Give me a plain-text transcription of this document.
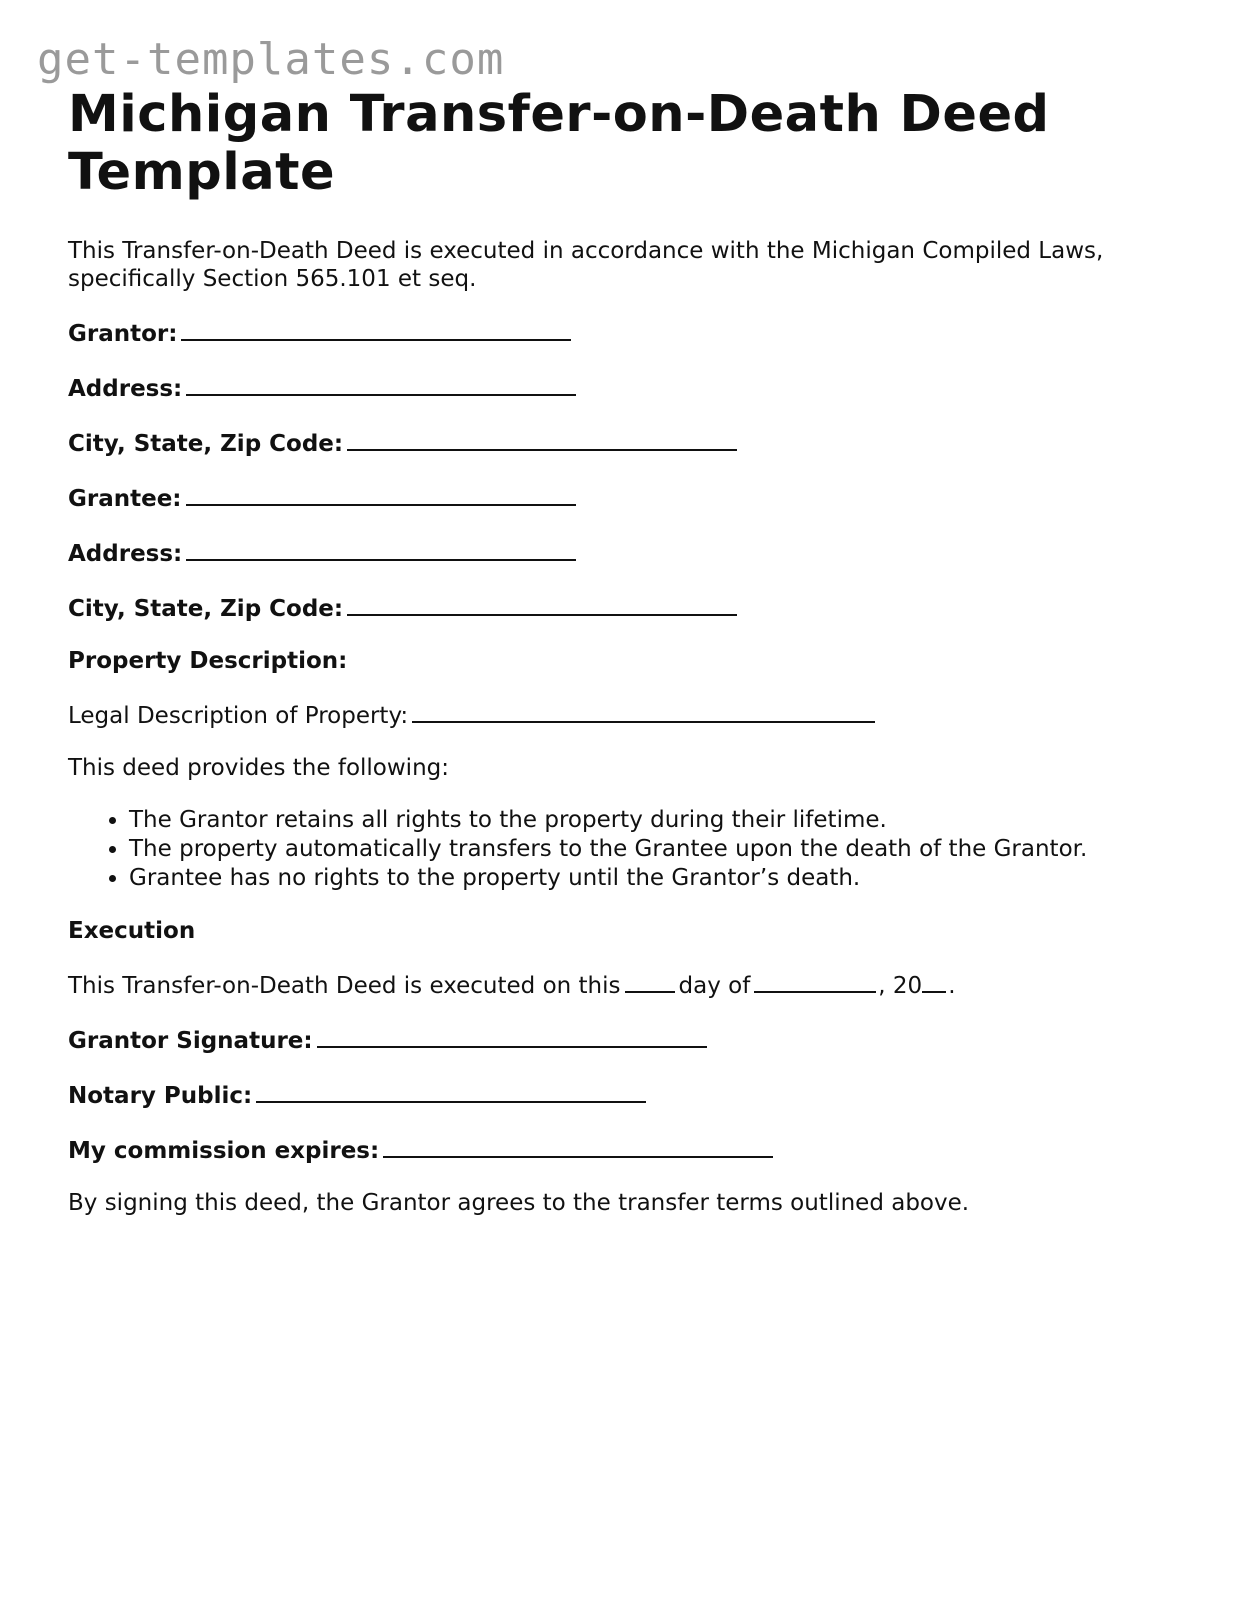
get-templates.com
Michigan Transfer-on-Death Deed Template

This Transfer-on-Death Deed is executed in accordance with the Michigan Compiled Laws, specifically Section 565.101 et seq.

Grantor:

Address:

City, State, Zip Code:

Grantee:

Address:

City, State, Zip Code:

Property Description:

Legal Description of Property:

This deed provides the following:

• The Grantor retains all rights to the property during their lifetime.
• The property automatically transfers to the Grantee upon the death of the Grantor.
• Grantee has no rights to the property until the Grantor’s death.

Execution

This Transfer-on-Death Deed is executed on this	day of	, 20 .

Grantor Signature:

Notary Public:

My commission expires:

By signing this deed, the Grantor agrees to the transfer terms outlined above.
